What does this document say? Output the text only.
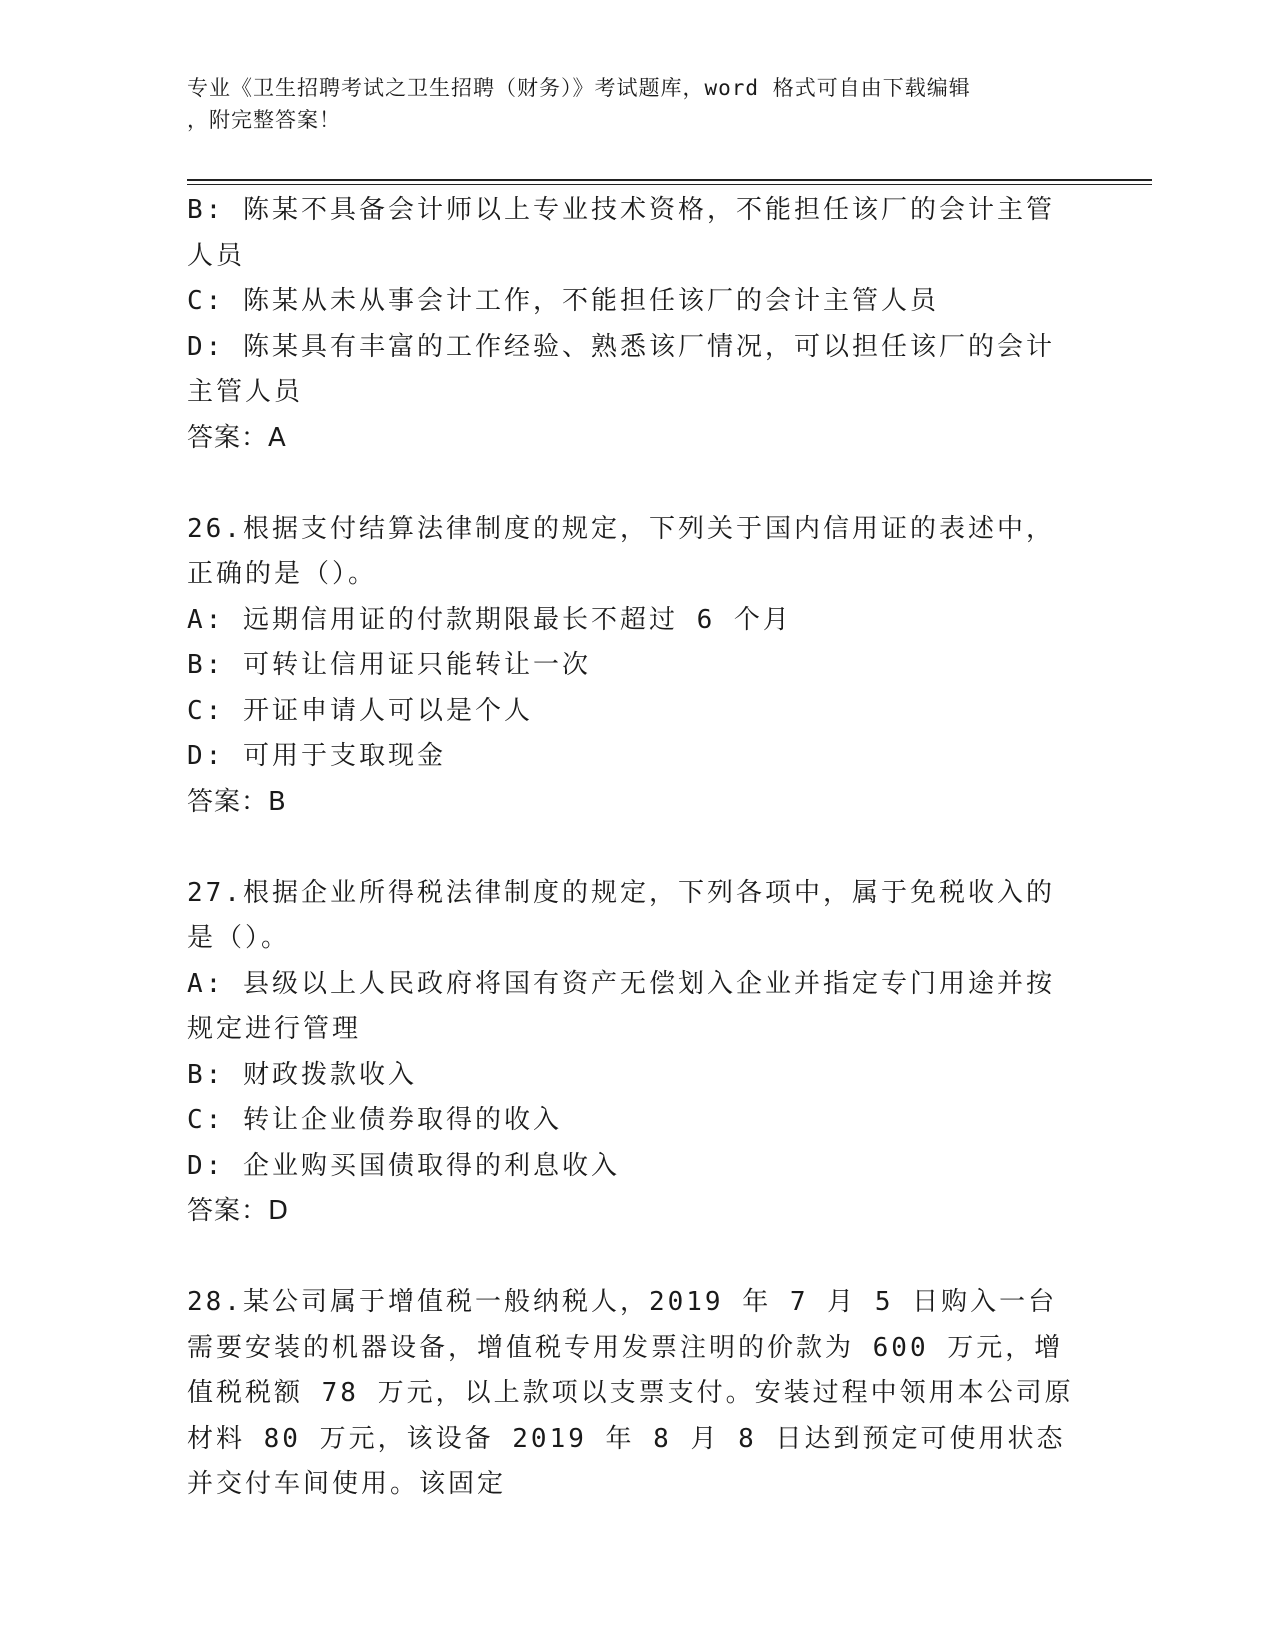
专业《卫生招聘考试之卫生招聘（财务）》考试题库，word 格式可自由下载编辑
，附完整答案！

B: 陈某不具备会计师以上专业技术资格，不能担任该厂的会计主管人员

C: 陈某从未从事会计工作，不能担任该厂的会计主管人员

D: 陈某具有丰富的工作经验、熟悉该厂情况，可以担任该厂的会计主管人员

答案：A

26.根据支付结算法律制度的规定，下列关于国内信用证的表述中，正确的是（）。

A: 远期信用证的付款期限最长不超过 6 个月

B: 可转让信用证只能转让一次

C: 开证申请人可以是个人

D: 可用于支取现金

答案：B

27.根据企业所得税法律制度的规定，下列各项中，属于免税收入的是（）。

A: 县级以上人民政府将国有资产无偿划入企业并指定专门用途并按规定进行管理

B: 财政拨款收入

C: 转让企业债券取得的收入

D: 企业购买国债取得的利息收入

答案：D

28.某公司属于增值税一般纳税人，2019 年 7 月 5 日购入一台需要安装的机器设备，增值税专用发票注明的价款为 600 万元，增值税税额 78 万元，以上款项以支票支付。安装过程中领用本公司原材料 80 万元，该设备 2019 年 8 月 8 日达到预定可使用状态并交付车间使用。该固定
